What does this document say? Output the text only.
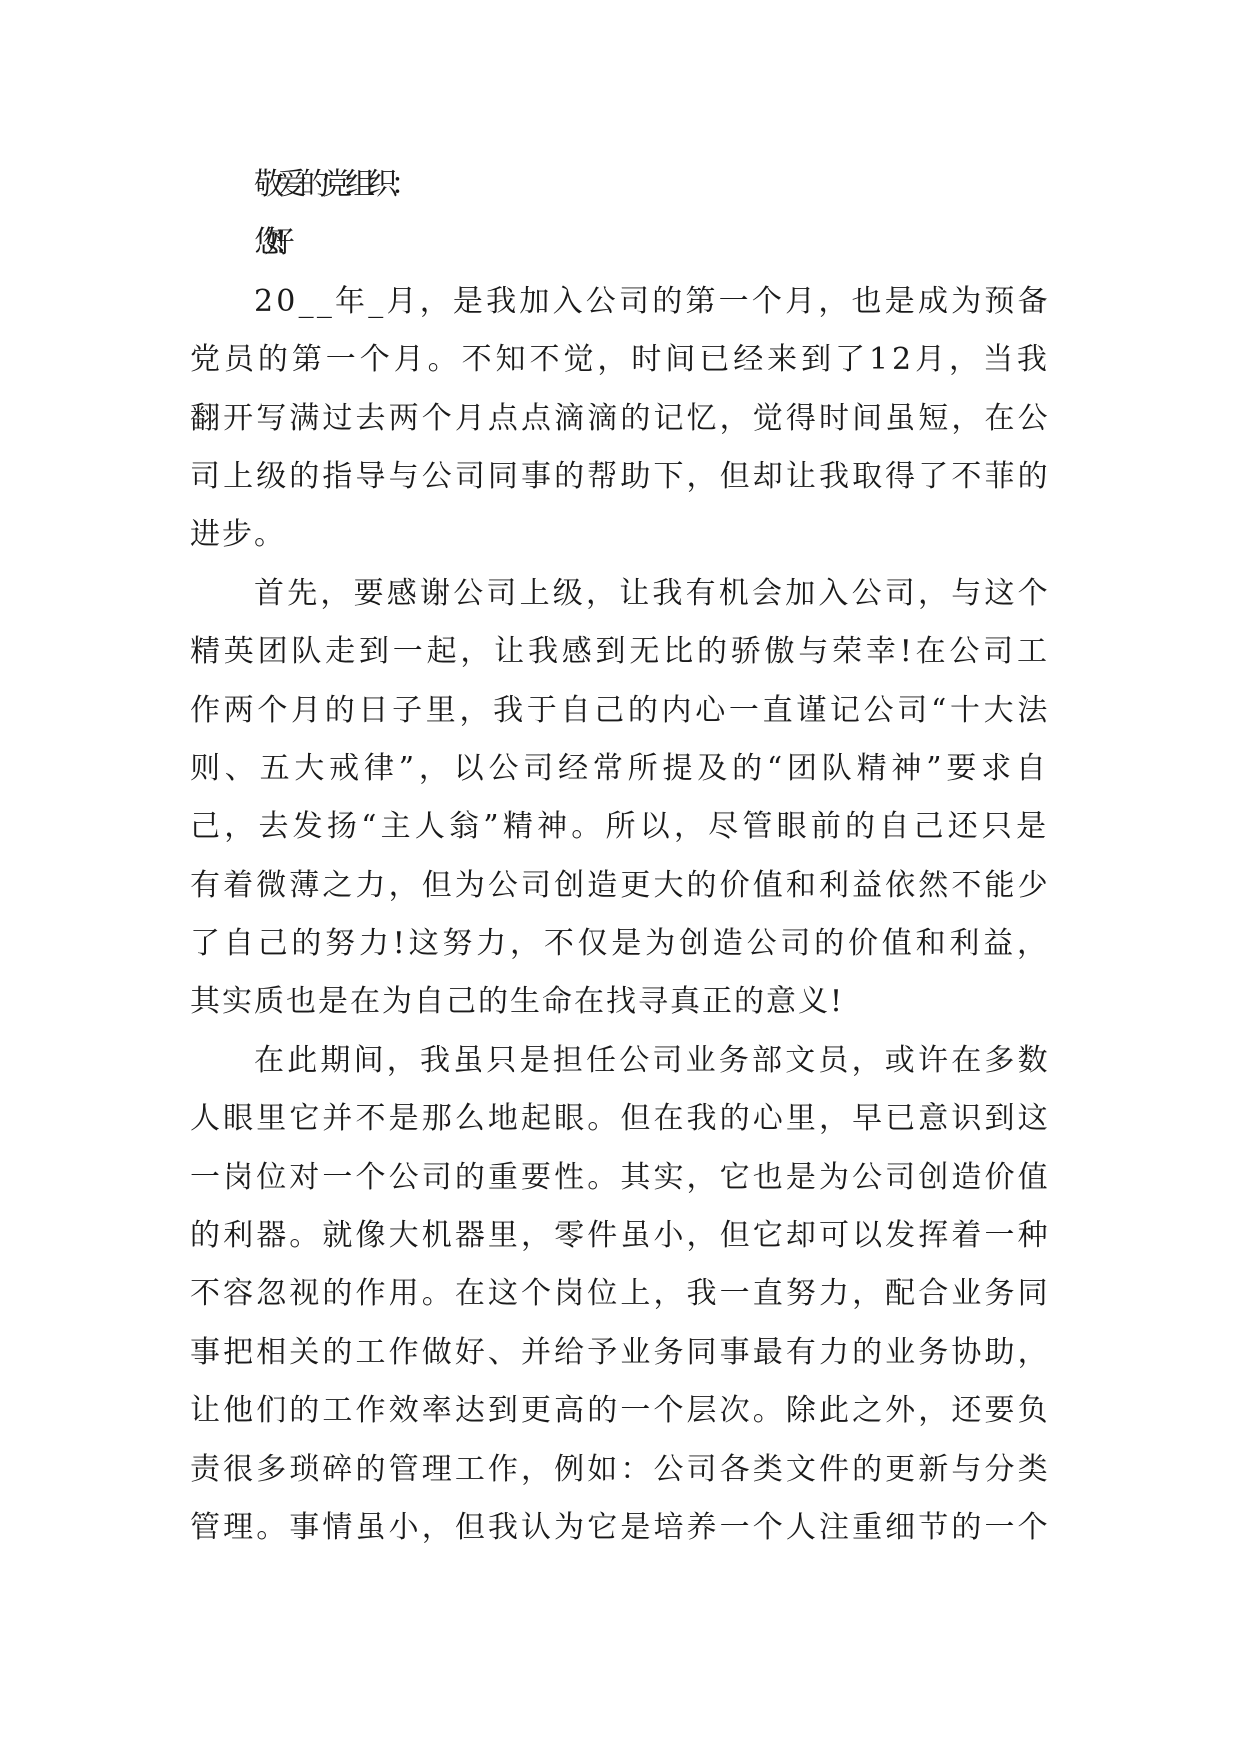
敬爱的党组织：
您好!
20__年_月，是我加入公司的第一个月，也是成为预备
党员的第一个月。不知不觉，时间已经来到了12月，当我
翻开写满过去两个月点点滴滴的记忆，觉得时间虽短，在公
司上级的指导与公司同事的帮助下，但却让我取得了不菲的
进步。
首先，要感谢公司上级，让我有机会加入公司，与这个
精英团队走到一起，让我感到无比的骄傲与荣幸!在公司工
作两个月的日子里，我于自己的内心一直谨记公司“十大法
则、五大戒律”，以公司经常所提及的“团队精神”要求自
己，去发扬“主人翁”精神。所以，尽管眼前的自己还只是
有着微薄之力，但为公司创造更大的价值和利益依然不能少
了自己的努力!这努力，不仅是为创造公司的价值和利益，
其实质也是在为自己的生命在找寻真正的意义!
在此期间，我虽只是担任公司业务部文员，或许在多数
人眼里它并不是那么地起眼。但在我的心里，早已意识到这
一岗位对一个公司的重要性。其实，它也是为公司创造价值
的利器。就像大机器里，零件虽小，但它却可以发挥着一种
不容忽视的作用。在这个岗位上，我一直努力，配合业务同
事把相关的工作做好、并给予业务同事最有力的业务协助，
让他们的工作效率达到更高的一个层次。除此之外，还要负
责很多琐碎的管理工作，例如：公司各类文件的更新与分类
管理。事情虽小，但我认为它是培养一个人注重细节的一个
